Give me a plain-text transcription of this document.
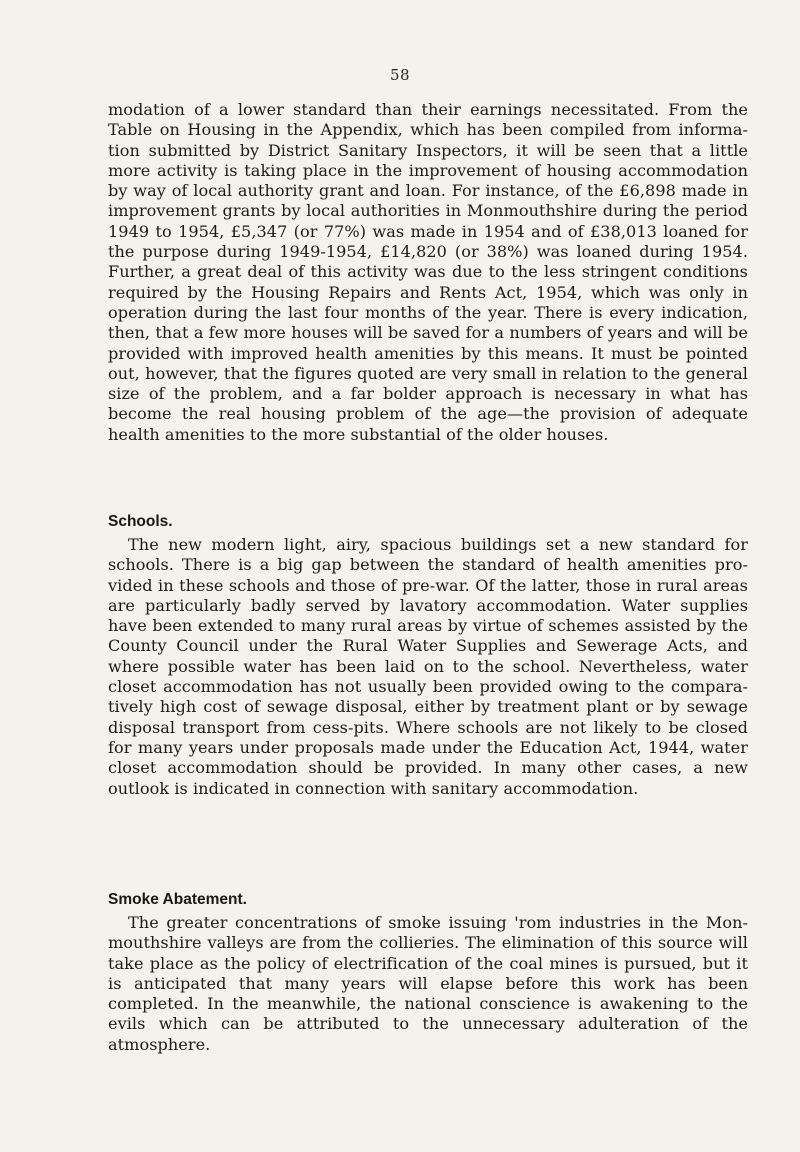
58

modation of a lower standard than their earnings necessitated. From the Table on Housing in the Appendix, which has been compiled from informa-tion submitted by District Sanitary Inspectors, it will be seen that a little more activity is taking place in the improvement of housing accommodation by way of local authority grant and loan. For instance, of the £6,898 made in improvement grants by local authorities in Monmouthshire during the period 1949 to 1954, £5,347 (or 77%) was made in 1954 and of £38,013 loaned for the purpose during 1949-1954, £14,820 (or 38%) was loaned during 1954. Further, a great deal of this activity was due to the less stringent conditions required by the Housing Repairs and Rents Act, 1954, which was only in operation during the last four months of the year. There is every indication, then, that a few more houses will be saved for a numbers of years and will be provided with improved health amenities by this means. It must be pointed out, however, that the figures quoted are very small in relation to the general size of the problem, and a far bolder approach is necessary in what has become the real housing problem of the age—the provision of adequate health amenities to the more substantial of the older houses.

Schools.

The new modern light, airy, spacious buildings set a new standard for schools. There is a big gap between the standard of health amenities pro-vided in these schools and those of pre-war. Of the latter, those in rural areas are particularly badly served by lavatory accommodation. Water supplies have been extended to many rural areas by virtue of schemes assisted by the County Council under the Rural Water Supplies and Sewerage Acts, and where possible water has been laid on to the school. Nevertheless, water closet accommodation has not usually been provided owing to the compara-tively high cost of sewage disposal, either by treatment plant or by sewage disposal transport from cess-pits. Where schools are not likely to be closed for many years under proposals made under the Education Act, 1944, water closet accommodation should be provided. In many other cases, a new outlook is indicated in connection with sanitary accommodation.

Smoke Abatement.

The greater concentrations of smoke issuing 'rom industries in the Mon-mouthshire valleys are from the collieries. The elimination of this source will take place as the policy of electrification of the coal mines is pursued, but it is anticipated that many years will elapse before this work has been completed. In the meanwhile, the national conscience is awakening to the evils which can be attributed to the unnecessary adulteration of the atmosphere.
